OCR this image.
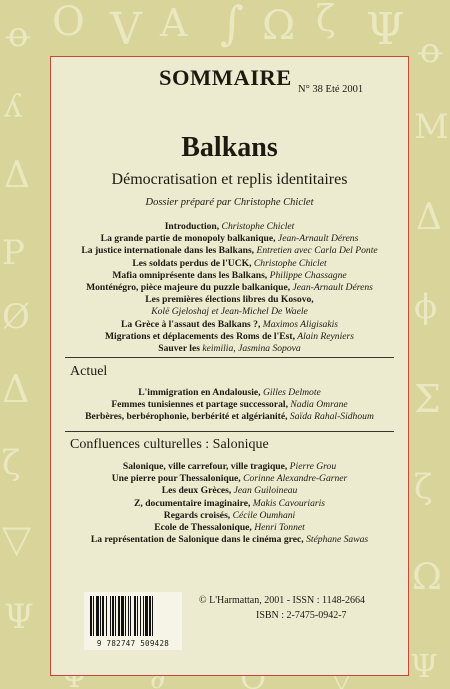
ꝋ O V A ∫ Ω ζ Ψ ꝋ
ʎ
Δ
P
Ø
Δ
ζ
▽
Ψ
M
Δ
ϕ
Σ
ζ
Ω
Ψ
SOMMAIRE N° 38 Eté 2001
Balkans
Démocratisation et replis identitaires
Dossier préparé par Christophe Chiclet
Introduction, Christophe Chiclet
La grande partie de monopoly balkanique, Jean-Arnault Dérens
La justice internationale dans les Balkans, Entretien avec Carla Del Ponte
Les soldats perdus de l'UCK, Christophe Chiclet
Mafia omniprésente dans les Balkans, Philippe Chassagne
Monténégro, pièce majeure du puzzle balkanique, Jean-Arnault Dérens
Les premières élections libres du Kosovo,
Kolë Gjeloshaj et Jean-Michel De Waele
La Grèce à l'assaut des Balkans ?, Maximos Aligisakis
Migrations et déplacements des Roms de l'Est, Alain Reyniers
Sauver les keimilia, Jasmina Sopova
Actuel
L'immigration en Andalousie, Gilles Delmote
Femmes tunisiennes et partage successoral, Nadia Omrane
Berbères, berbérophonie, berbérité et algérianité, Saïda Rahal-Sidhoum
Confluences culturelles : Salonique
Salonique, ville carrefour, ville tragique, Pierre Grou
Une pierre pour Thessalonique, Corinne Alexandre-Garner
Les deux Grèces, Jean Guiloineau
Z, documentaire imaginaire, Makis Cavouriaris
Regards croisés, Cécile Oumhani
Ecole de Thessalonique, Henri Tonnet
La représentation de Salonique dans le cinéma grec, Stéphane Sawas
9 782747 509428
© L'Harmattan, 2001 - ISSN : 1148-2664
ISBN : 2-7475-0942-7
